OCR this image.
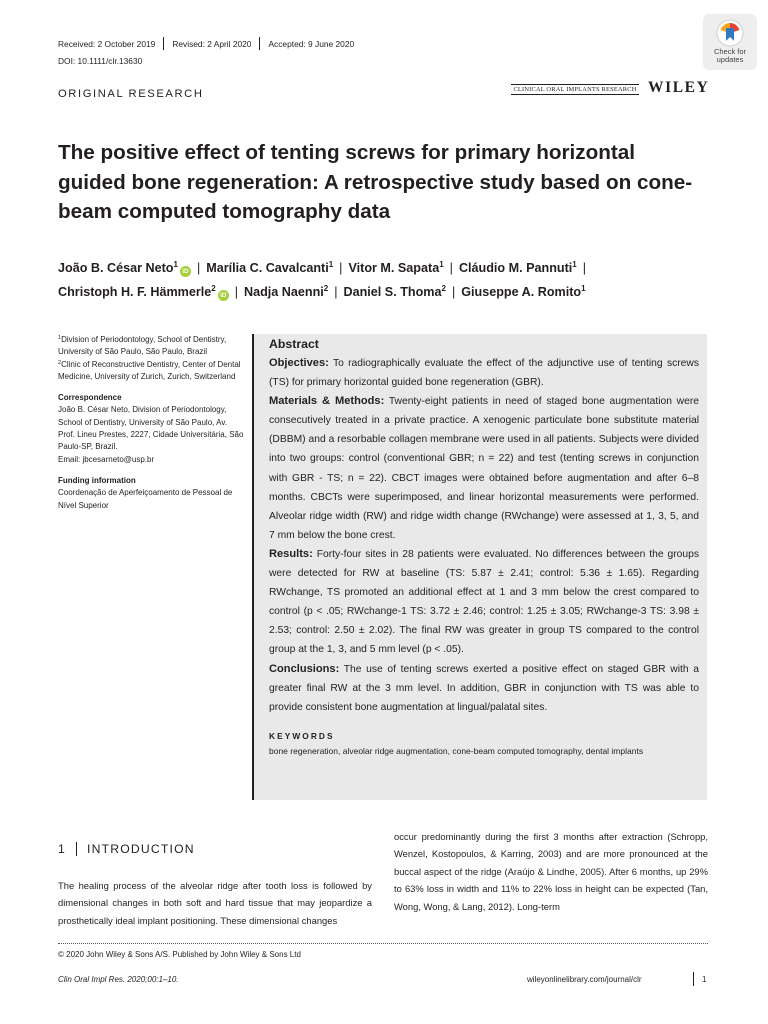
Received: 2 October 2019 Revised: 2 April 2020 Accepted: 9 June 2020
DOI: 10.1111/clr.13630
ORIGINAL RESEARCH	CLINICAL ORAL IMPLANTS RESEARCH WILEY
Check for
updates
The positive effect of tenting screws for primary horizontal guided bone regeneration: A retrospective study based on cone-beam computed tomography data
João B. César Neto$^1$iD | Marília C. Cavalcanti$^1$ | Vitor M. Sapata$^1$ | Cláudio M. Pannuti$^1$ |
Christoph H. F. Hämmerle$^2$iD | Nadja Naenni$^2$ | Daniel S. Thoma$^2$ | Giuseppe A. Romito$^1$

$^1$Division of Periodontology, School of Dentistry, University of São Paulo, São Paulo, Brazil

$^2$Clinic of Reconstructive Dentistry, Center of Dental Medicine, University of Zurich, Zurich, Switzerland

Correspondence

João B. César Neto, Division of Periodontology, School of Dentistry, University of São Paulo, Av. Prof. Lineu Prestes, 2227, Cidade Universitária, São Paulo-SP, Brazil.

Email: jbcesarneto@usp.br

Funding information

Coordenação de Aperfeiçoamento de Pessoal de Nível Superior

Abstract

Objectives: To radiographically evaluate the effect of the adjunctive use of tenting screws (TS) for primary horizontal guided bone regeneration (GBR).

Materials & Methods: Twenty-eight patients in need of staged bone augmentation were consecutively treated in a private practice. A xenogenic particulate bone substitute material (DBBM) and a resorbable collagen membrane were used in all patients. Subjects were divided into two groups: control (conventional GBR; n = 22) and test (tenting screws in conjunction with GBR - TS; n = 22). CBCT images were obtained before augmentation and after 6–8 months. CBCTs were superimposed, and linear horizontal measurements were performed. Alveolar ridge width (RW) and ridge width change (RWchange) were assessed at 1, 3, 5, and 7 mm below the bone crest.

Results: Forty-four sites in 28 patients were evaluated. No differences between the groups were detected for RW at baseline (TS: 5.87 ± 2.41; control: 5.36 ± 1.65). Regarding RWchange, TS promoted an additional effect at 1 and 3 mm below the crest compared to control (p < .05; RWchange-1 TS: 3.72 ± 2.46; control: 1.25 ± 3.05; RWchange-3 TS: 3.98 ± 2.53; control: 2.50 ± 2.02). The final RW was greater in group TS compared to the control group at the 1, 3, and 5 mm level (p < .05).

Conclusions: The use of tenting screws exerted a positive effect on staged GBR with a greater final RW at the 3 mm level. In addition, GBR in conjunction with TS was able to provide consistent bone augmentation at lingual/palatal sites.

KEYWORDS
bone regeneration, alveolar ridge augmentation, cone-beam computed tomography, dental implants
1 INTRODUCTION
The healing process of the alveolar ridge after tooth loss is followed by dimensional changes in both soft and hard tissue that may jeopardize a prosthetically ideal implant positioning. These dimensional changes
occur predominantly during the first 3 months after extraction (Schropp, Wenzel, Kostopoulos, & Karring, 2003) and are more pronounced at the buccal aspect of the ridge (Araújo & Lindhe, 2005). After 6 months, up 29% to 63% loss in width and 11% to 22% loss in height can be expected (Tan, Wong, Wong, & Lang, 2012). Long-term
© 2020 John Wiley & Sons A/S. Published by John Wiley & Sons Ltd
Clin Oral Impl Res. 2020;00:1–10.	wileyonlinelibrary.com/journal/clr	1
